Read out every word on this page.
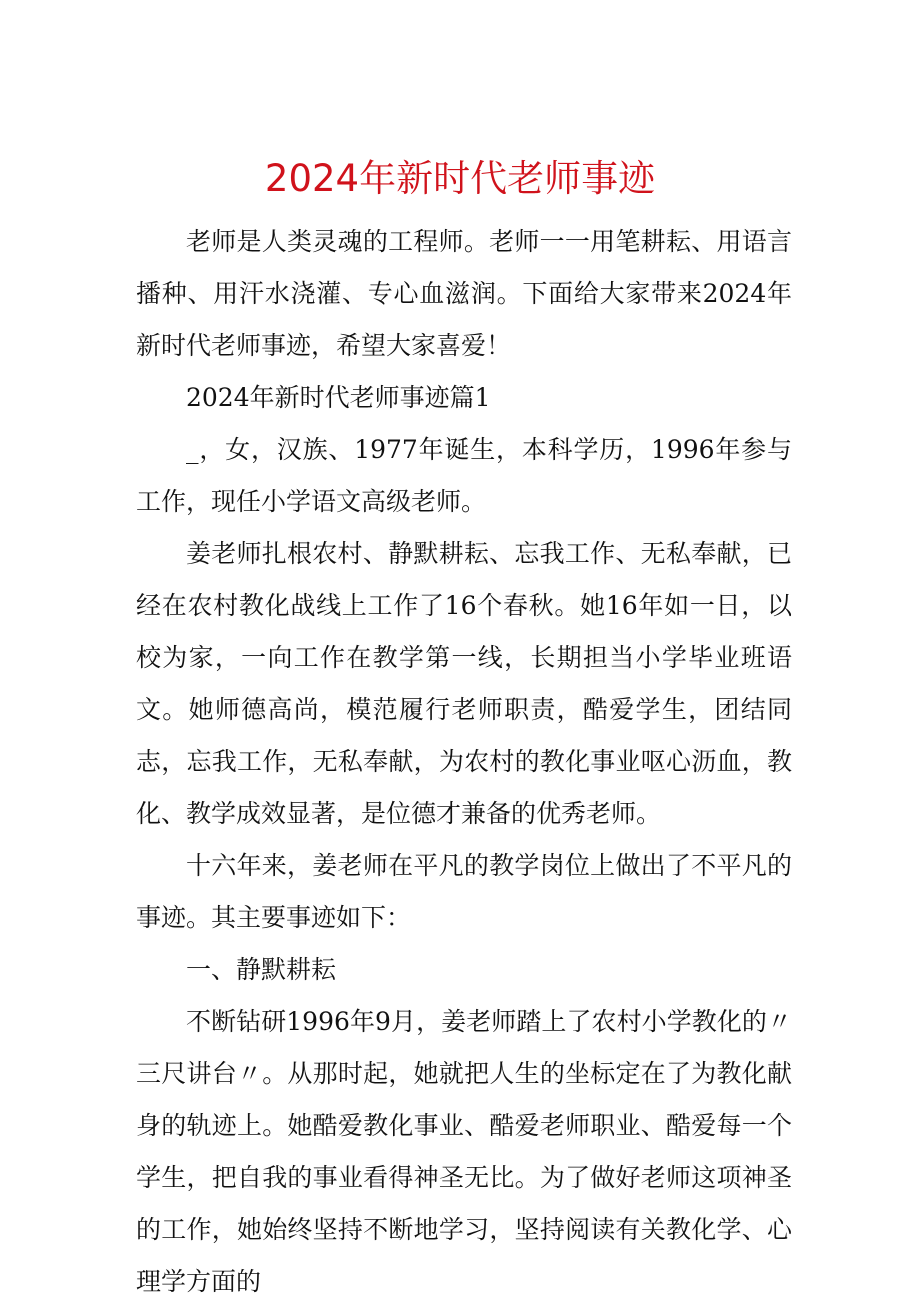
2024年新时代老师事迹

老师是人类灵魂的工程师。老师一一用笔耕耘、用语言播种、用汗水浇灌、专心血滋润。下面给大家带来2024年新时代老师事迹，希望大家喜爱！

2024年新时代老师事迹篇1

_，女，汉族、1977年诞生，本科学历，1996年参与工作，现任小学语文高级老师。

姜老师扎根农村、静默耕耘、忘我工作、无私奉献，已经在农村教化战线上工作了16个春秋。她16年如一日，以校为家，一向工作在教学第一线，长期担当小学毕业班语文。她师德高尚，模范履行老师职责，酷爱学生，团结同志，忘我工作，无私奉献，为农村的教化事业呕心沥血，教化、教学成效显著，是位德才兼备的优秀老师。

十六年来，姜老师在平凡的教学岗位上做出了不平凡的事迹。其主要事迹如下：

一、静默耕耘

不断钻研1996年9月，姜老师踏上了农村小学教化的〃三尺讲台〃。从那时起，她就把人生的坐标定在了为教化献身的轨迹上。她酷爱教化事业、酷爱老师职业、酷爱每一个学生，把自我的事业看得神圣无比。为了做好老师这项神圣的工作，她始终坚持不断地学习，坚持阅读有关教化学、心理学方面的
